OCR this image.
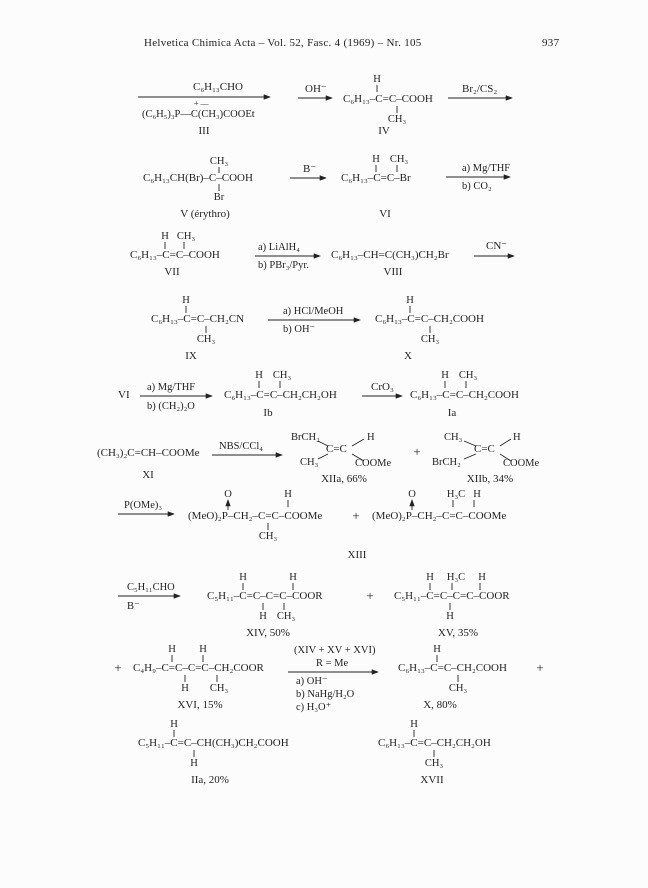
Helvetica Chimica Acta – Vol. 52, Fasc. 4 (1969) – Nr. 105	937
C₆H₁₃CHO
+ —
(C₆H₅)₃P—C(CH₃)COOEt
III
OH⁻
H
C₆H₁₃–C=C–COOH
CH₃
IV
Br₂/CS₂
CH₃
C₆H₁₃CH(Br)–C–COOH
Br
V (érythro)
B⁻
H CH₃
C₆H₁₃–C=C–Br
VI
a) Mg/THF
b) CO₂
H CH₃
C₆H₁₃–C=C–COOH
VII
a) LiAlH₄
b) PBr₃/Pyr.
C₆H₁₃–CH=C(CH₃)CH₂Br
VIII
CN⁻
H
C₆H₁₃–C=C–CH₂CN
CH₃
IX
a) HCl/MeOH
b) OH⁻
H
C₆H₁₃–C=C–CH₂COOH
CH₃
X
VI
a) Mg/THF
b) (CH₂)₂O
H CH₃
C₆H₁₃–C=C–CH₂CH₂OH
Ib
CrO₃
H CH₃
C₆H₁₃–C=C–CH₂COOH
Ia
(CH₃)₂C=CH–COOMe
XI
NBS/CCl₄
BrCH₂
C=C
H
CH₃	COOMe
XIIa, 66%
+
CH₃
C=C
H
BrCH₂	COOMe
XIIb, 34%
P(OMe)₃
O	H
(MeO)₂P–CH₂–C=C–COOMe
CH₃
+
O	H₃C H
(MeO)₂P–CH₂–C=C–COOMe
XIII
C₅H₁₁CHO
B⁻
H	H
C₅H₁₁–C=C–C=C–COOR
H CH₃
XIV, 50%
+
H H₃C H
C₅H₁₁–C=C–C=C–COOR
H
XV, 35%
+
H H
C₄H₉–C=C–C=C–CH₂COOR
H CH₃
XVI, 15%
(XIV + XV + XVI)
R = Me
a) OH⁻
b) NaHg/H₂O
c) H₃O⁺
H
C₆H₁₃–C=C–CH₂COOH
CH₃
X, 80%
+
H
C₅H₁₁–C=C–CH(CH₃)CH₂COOH
H
IIa, 20%
H
C₆H₁₃–C=C–CH₂CH₂OH
CH₃
XVII
